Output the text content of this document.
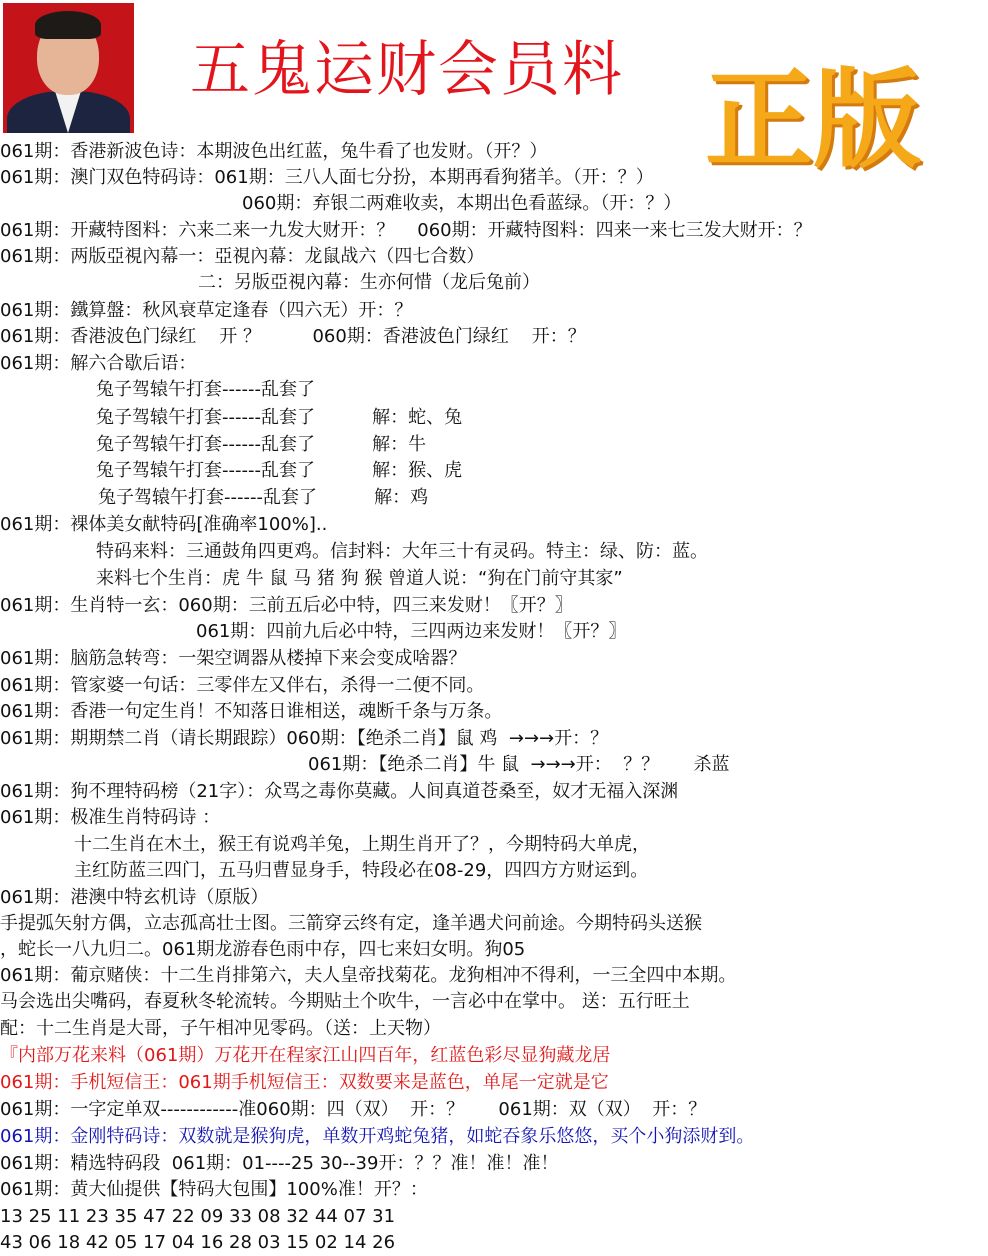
五鬼运财会员料 正版
061期：香港新波色诗：本期波色出红蓝，兔牛看了也发财。（开？）
061期：澳门双色特码诗：061期：三八人面七分扮，本期再看狗猪羊。（开：？）
060期：弃银二两难收卖，本期出色看蓝绿。（开：？）
061期：开藏特图料：六来二来一九发大财开：？    060期：开藏特图料：四来一来七三发大财开：？
061期：两版亞視內幕一：亞視內幕：龙鼠战六（四七合数）
二：另版亞視內幕：生亦何惜（龙后兔前）
061期：鐵算盤：秋风衰草定逢春（四六无）开：？
061期：香港波色门绿红    开 ？         060期：香港波色门绿红    开：？
061期：解六合歇后语：
兔子驾辕午打套------乱套了
兔子驾辕午打套------乱套了          解：蛇、兔
兔子驾辕午打套------乱套了          解：牛
兔子驾辕午打套------乱套了          解：猴、虎
兔子驾辕午打套------乱套了          解：鸡
061期：裸体美女献特码[准确率100%]..
特码来料：三通鼓角四更鸡。信封料：大年三十有灵码。特主：绿、防：蓝。
来料七个生肖：虎 牛 鼠 马 猪 狗 猴 曾道人说：“狗在门前守其家”
061期：生肖特一玄：060期：三前五后必中特，四三来发财！〖开？〗
061期：四前九后必中特，三四两边来发财！〖开？〗
061期：脑筋急转弯：一架空调器从楼掉下来会变成啥器？
061期：管家婆一句话：三零伴左又伴右，杀得一二便不同。
061期：香港一句定生肖！不知落日谁相送，魂断千条与万条。
061期：期期禁二肖（请长期跟踪）060期：【绝杀二肖】鼠 鸡  →→→开：？
061期：【绝杀二肖】牛 鼠  →→→开：  ？？      杀蓝
061期：狗不理特码榜（21字）：众骂之毒你莫藏。人间真道苍桑至，奴才无福入深渊
061期：极准生肖特码诗 ：
十二生肖在木土，猴王有说鸡羊兔，上期生肖开了？，今期特码大单虎，
主红防蓝三四门，五马归曹显身手，特段必在08-29，四四方方财运到。
061期：港澳中特玄机诗（原版）
手提弧矢射方偶，立志孤高壮士图。三箭穿云终有定，逢羊遇犬问前途。今期特码头送猴
，蛇长一八九归二。061期龙游春色雨中存，四七来妇女明。狗05
061期：葡京赌侠：十二生肖排第六，夫人皇帝找菊花。龙狗相冲不得利，一三全四中本期。
马会选出尖嘴码，春夏秋冬轮流转。今期贴土个吹牛，一言必中在掌中。 送：五行旺土
配：十二生肖是大哥，子午相冲见零码。（送：上天物）
『内部万花来料（061期）万花开在程家江山四百年，红蓝色彩尽显狗藏龙居
061期：手机短信王：061期手机短信王：双数要来是蓝色，单尾一定就是它
061期：一字定单双------------准060期：四（双）  开：？      061期：双（双）  开：？
061期：金刚特码诗：双数就是猴狗虎，单数开鸡蛇兔猪，如蛇吞象乐悠悠，买个小狗添财到。
061期：精选特码段  061期：01----25 30--39开：？？准！准！准！
061期：黄大仙提供【特码大包围】100%准！开？：
13 25 11 23 35 47 22 09 33 08 32 44 07 31
43 06 18 42 05 17 04 16 28 03 15 02 14 26
